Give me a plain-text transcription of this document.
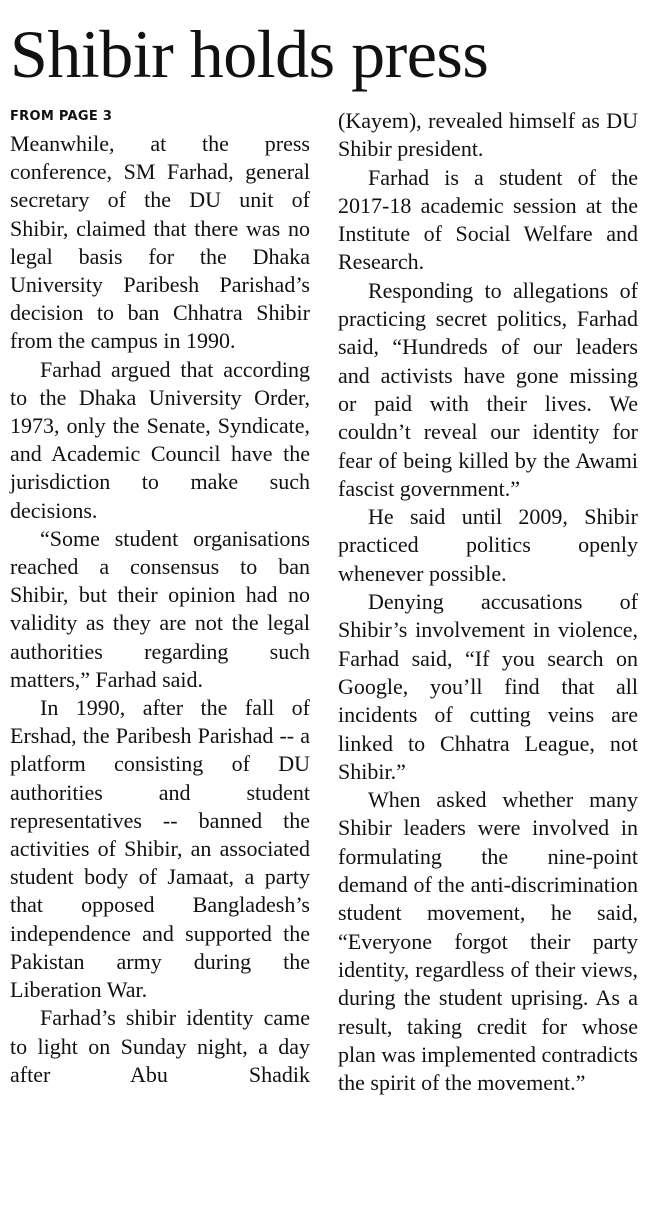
Shibir holds press

FROM PAGE 3

Meanwhile, at the press conference, SM Farhad, general secretary of the DU unit of Shibir, claimed that there was no legal basis for the Dhaka University Paribesh Parishad’s decision to ban Chhatra Shibir from the campus in 1990.

Farhad argued that according to the Dhaka University Order, 1973, only the Senate, Syndicate, and Academic Council have the jurisdiction to make such decisions.

“Some student organisations reached a consensus to ban Shibir, but their opinion had no validity as they are not the legal authorities regarding such matters,” Farhad said.

In 1990, after the fall of Ershad, the Paribesh Parishad -- a platform consisting of DU authorities and student representatives -- banned the activities of Shibir, an associated student body of Jamaat, a party that opposed Bangladesh’s independence and supported the Pakistan army during the Liberation War.

Farhad’s shibir identity came to light on Sunday night, a day after Abu Shadik

(Kayem), revealed himself as DU Shibir president.

Farhad is a student of the 2017-18 academic session at the Institute of Social Welfare and Research.

Responding to allegations of practicing secret politics, Farhad said, “Hundreds of our leaders and activists have gone missing or paid with their lives. We couldn’t reveal our identity for fear of being killed by the Awami fascist government.”

He said until 2009, Shibir practiced politics openly whenever possible.

Denying accusations of Shibir’s involvement in violence, Farhad said, “If you search on Google, you’ll find that all incidents of cutting veins are linked to Chhatra League, not Shibir.”

When asked whether many Shibir leaders were involved in formulating the nine-point demand of the anti-discrimination student movement, he said, “Everyone forgot their party identity, regardless of their views, during the student uprising. As a result, taking credit for whose plan was implemented contradicts the spirit of the movement.”
